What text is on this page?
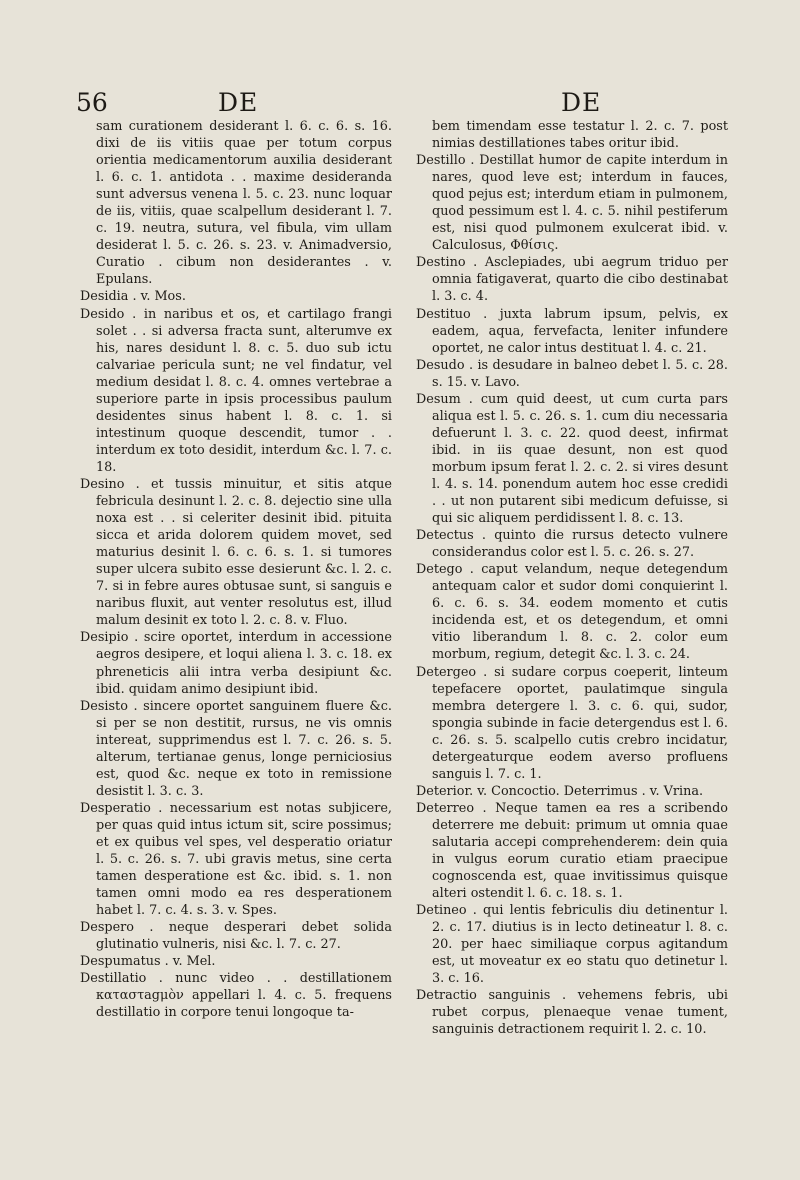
56	DE	DE

sam curationem desiderant l. 6. c. 6. s. 16. dixi de iis vitiis quae per totum corpus orientia medicamentorum auxilia desiderant l. 6. c. 1. antidota . . maxime desideranda sunt adversus venena l. 5. c. 23. nunc loquar de iis, vitiis, quae scalpellum desiderant l. 7. c. 19. neutra, sutura, vel fibula, vim ullam desiderat l. 5. c. 26. s. 23. v. Animadversio, Curatio . cibum non desiderantes . v. Epulans.

Desidia . v. Mos.

Desido . in naribus et os, et cartilago frangi solet . . si adversa fracta sunt, alterumve ex his, nares desidunt l. 8. c. 5. duo sub ictu calvariae pericula sunt; ne vel findatur, vel medium desidat l. 8. c. 4. omnes vertebrae a superiore parte in ipsis processibus paulum desidentes sinus habent l. 8. c. 1. si intestinum quoque descendit, tumor . . interdum ex toto desidit, interdum &c. l. 7. c. 18.

Desino . et tussis minuitur, et sitis atque febricula desinunt l. 2. c. 8. dejectio sine ulla noxa est . . si celeriter desinit ibid. pituita sicca et arida dolorem quidem movet, sed maturius desinit l. 6. c. 6. s. 1. si tumores super ulcera subito esse desierunt &c. l. 2. c. 7. si in febre aures obtusae sunt, si sanguis e naribus fluxit, aut venter resolutus est, illud malum desinit ex toto l. 2. c. 8. v. Fluo.

Desipio . scire oportet, interdum in accessione aegros desipere, et loqui aliena l. 3. c. 18. ex phreneticis alii intra verba desipiunt &c. ibid. quidam animo desipiunt ibid.

Desisto . sincere oportet sanguinem fluere &c. si per se non destitit, rursus, ne vis omnis intereat, supprimendus est l. 7. c. 26. s. 5. alterum, tertianae genus, longe perniciosius est, quod &c. neque ex toto in remissione desistit l. 3. c. 3.

Desperatio . necessarium est notas subjicere, per quas quid intus ictum sit, scire possimus; et ex quibus vel spes, vel desperatio oriatur l. 5. c. 26. s. 7. ubi gravis metus, sine certa tamen desperatione est &c. ibid. s. 1. non tamen omni modo ea res desperationem habet l. 7. c. 4. s. 3. v. Spes.

Despero . neque desperari debet solida glutinatio vulneris, nisi &c. l. 7. c. 27.

Despumatus . v. Mel.

Destillatio . nunc video . . destillationem καταστagμὸν appellari l. 4. c. 5. frequens destillatio in corpore tenui longoque ta-

bem timendam esse testatur l. 2. c. 7. post nimias destillationes tabes oritur ibid.

Destillo . Destillat humor de capite interdum in nares, quod leve est; interdum in fauces, quod pejus est; interdum etiam in pulmonem, quod pessimum est l. 4. c. 5. nihil pestiferum est, nisi quod pulmonem exulcerat ibid. v. Calculosus, Φθίσις.

Destino . Asclepiades, ubi aegrum triduo per omnia fatigaverat, quarto die cibo destinabat l. 3. c. 4.

Destituo . juxta labrum ipsum, pelvis, ex eadem, aqua, fervefacta, leniter infundere oportet, ne calor intus destituat l. 4. c. 21.

Desudo . is desudare in balneo debet l. 5. c. 28. s. 15. v. Lavo.

Desum . cum quid deest, ut cum curta pars aliqua est l. 5. c. 26. s. 1. cum diu necessaria defuerunt l. 3. c. 22. quod deest, infirmat ibid. in iis quae desunt, non est quod morbum ipsum ferat l. 2. c. 2. si vires desunt l. 4. s. 14. ponendum autem hoc esse credidi . . ut non putarent sibi medicum defuisse, si qui sic aliquem perdidissent l. 8. c. 13.

Detectus . quinto die rursus detecto vulnere considerandus color est l. 5. c. 26. s. 27.

Detego . caput velandum, neque detegendum antequam calor et sudor domi conquierint l. 6. c. 6. s. 34. eodem momento et cutis incidenda est, et os detegendum, et omni vitio liberandum l. 8. c. 2. color eum morbum, regium, detegit &c. l. 3. c. 24.

Detergeo . si sudare corpus coeperit, linteum tepefacere oportet, paulatimque singula membra detergere l. 3. c. 6. qui, sudor, spongia subinde in facie detergendus est l. 6. c. 26. s. 5. scalpello cutis crebro incidatur, detergeaturque eodem averso profluens sanguis l. 7. c. 1.

Deterior. v. Concoctio. Deterrimus . v. Vrina.

Deterreo . Neque tamen ea res a scribendo deterrere me debuit: primum ut omnia quae salutaria accepi comprehenderem: dein quia in vulgus eorum curatio etiam praecipue cognoscenda est, quae invitissimus quisque alteri ostendit l. 6. c. 18. s. 1.

Detineo . qui lentis febriculis diu detinentur l. 2. c. 17. diutius is in lecto detineatur l. 8. c. 20. per haec similiaque corpus agitandum est, ut moveatur ex eo statu quo detinetur l. 3. c. 16.

Detractio sanguinis . vehemens febris, ubi rubet corpus, plenaeque venae tument, sanguinis detractionem requirit l. 2. c. 10.
